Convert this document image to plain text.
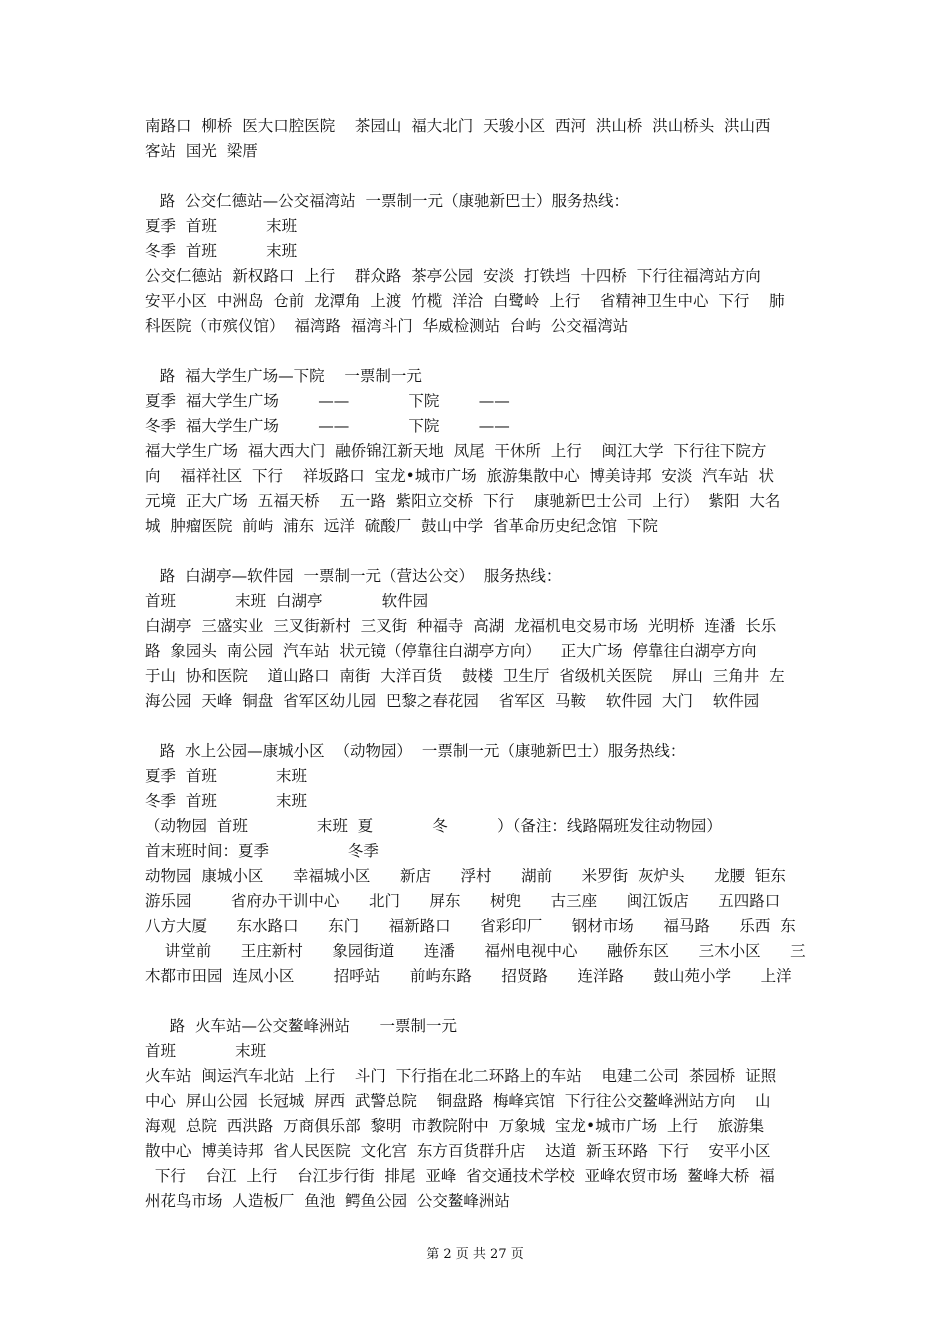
南路口  柳桥  医大口腔医院    茶园山  福大北门  天骏小区  西河  洪山桥  洪山桥头  洪山西
客站  国光  梁厝
路  公交仁德站—公交福湾站  一票制一元（康驰新巴士）服务热线：
夏季  首班          末班
冬季  首班          末班
公交仁德站  新权路口  上行    群众路  茶亭公园  安淡  打铁垱  十四桥  下行往福湾站方向
安平小区  中洲岛  仓前  龙潭角  上渡  竹榄  洋洽  白鹭岭  上行    省精神卫生中心  下行    肺
科医院（市殡仪馆）  福湾路  福湾斗门  华威检测站  台屿  公交福湾站
路  福大学生广场—下院    一票制一元
夏季  福大学生广场        ——            下院        ——
冬季  福大学生广场        ——            下院        ——
福大学生广场  福大西大门  融侨锦江新天地  凤尾  干休所  上行    闽江大学  下行往下院方
向    福祥社区  下行    祥坂路口  宝龙•城市广场  旅游集散中心  博美诗邦  安淡  汽车站  状
元境  正大广场  五福天桥    五一路  紫阳立交桥  下行    康驰新巴士公司  上行）  紫阳  大名
城  肿瘤医院  前屿  浦东  远洋  硫酸厂  鼓山中学  省革命历史纪念馆  下院
路  白湖亭—软件园  一票制一元（营达公交）  服务热线：
首班            末班  白湖亭            软件园
白湖亭  三盛实业  三叉街新村  三叉街  种福寺  高湖  龙福机电交易市场  光明桥  连潘  长乐
路  象园头  南公园  汽车站  状元镜（停靠往白湖亭方向）    正大广场  停靠往白湖亭方向
于山  协和医院    道山路口  南街  大洋百货    鼓楼  卫生厅  省级机关医院    屏山  三角井  左
海公园  天峰  铜盘  省军区幼儿园  巴黎之春花园    省军区  马鞍    软件园  大门    软件园
路  水上公园—康城小区  （动物园）  一票制一元（康驰新巴士）服务热线：
夏季  首班            末班
冬季  首班            末班
（动物园  首班              末班  夏            冬          ）（备注：线路隔班发往动物园）
首末班时间：夏季                冬季
动物园  康城小区      幸福城小区      新店      浮村      湖前      米罗街  灰炉头      龙腰  钜东
游乐园        省府办干训中心      北门      屏东      树兜      古三座      闽江饭店      五四路口
八方大厦      东水路口      东门      福新路口      省彩印厂      钢材市场      福马路      乐西  东
讲堂前      王庄新村      象园街道      连潘      福州电视中心      融侨东区      三木小区      三
木都市田园  连凤小区        招呼站      前屿东路      招贤路      连洋路      鼓山苑小学      上洋
路  火车站—公交鳌峰洲站      一票制一元
首班            末班
火车站  闽运汽车北站  上行    斗门  下行指在北二环路上的车站    电建二公司  茶园桥  证照
中心  屏山公园  长冠城  屏西  武警总院    铜盘路  梅峰宾馆  下行往公交鳌峰洲站方向    山
海观  总院  西洪路  万商俱乐部  黎明  市教院附中  万象城  宝龙•城市广场  上行    旅游集
散中心  博美诗邦  省人民医院  文化宫  东方百货群升店    达道  新玉环路  下行    安平小区
下行    台江  上行    台江步行街  排尾  亚峰  省交通技术学校  亚峰农贸市场  鳌峰大桥  福
州花鸟市场  人造板厂  鱼池  鳄鱼公园  公交鳌峰洲站
第 2 页 共 27 页
